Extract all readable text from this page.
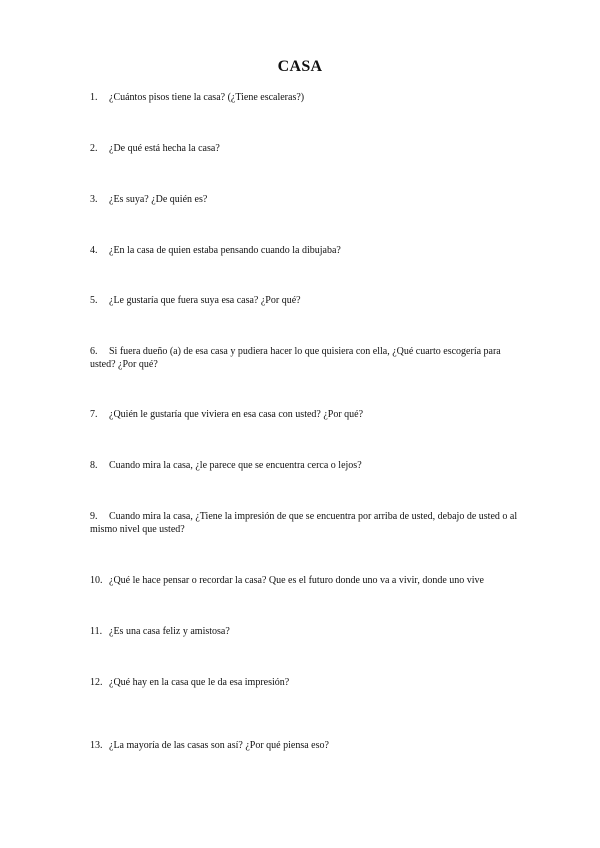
CASA
1.	¿Cuántos pisos tiene la casa? (¿Tiene escaleras?)
2.	¿De qué está hecha la casa?
3.	¿Es suya? ¿De quién es?
4.	¿En la casa de quien estaba pensando cuando la dibujaba?
5.	¿Le gustaría que fuera suya esa casa? ¿Por qué?
6.	Si fuera dueño (a) de esa casa y pudiera hacer lo que quisiera con ella, ¿Qué cuarto escogería para
usted? ¿Por qué?
7.	¿Quién le gustaría que viviera en esa casa con usted? ¿Por qué?
8.	Cuando mira la casa, ¿le parece que se encuentra cerca o lejos?
9.	Cuando mira la casa, ¿Tiene la impresión de que se encuentra por arriba de usted, debajo de usted o al
mismo nivel que usted?
10. ¿Qué le hace pensar o recordar la casa? Que es el futuro donde uno va a vivir, donde uno vive
11. ¿Es una casa feliz y amistosa?
12. ¿Qué hay en la casa que le da esa impresión?
13. ¿La mayoría de las casas son así? ¿Por qué piensa eso?
